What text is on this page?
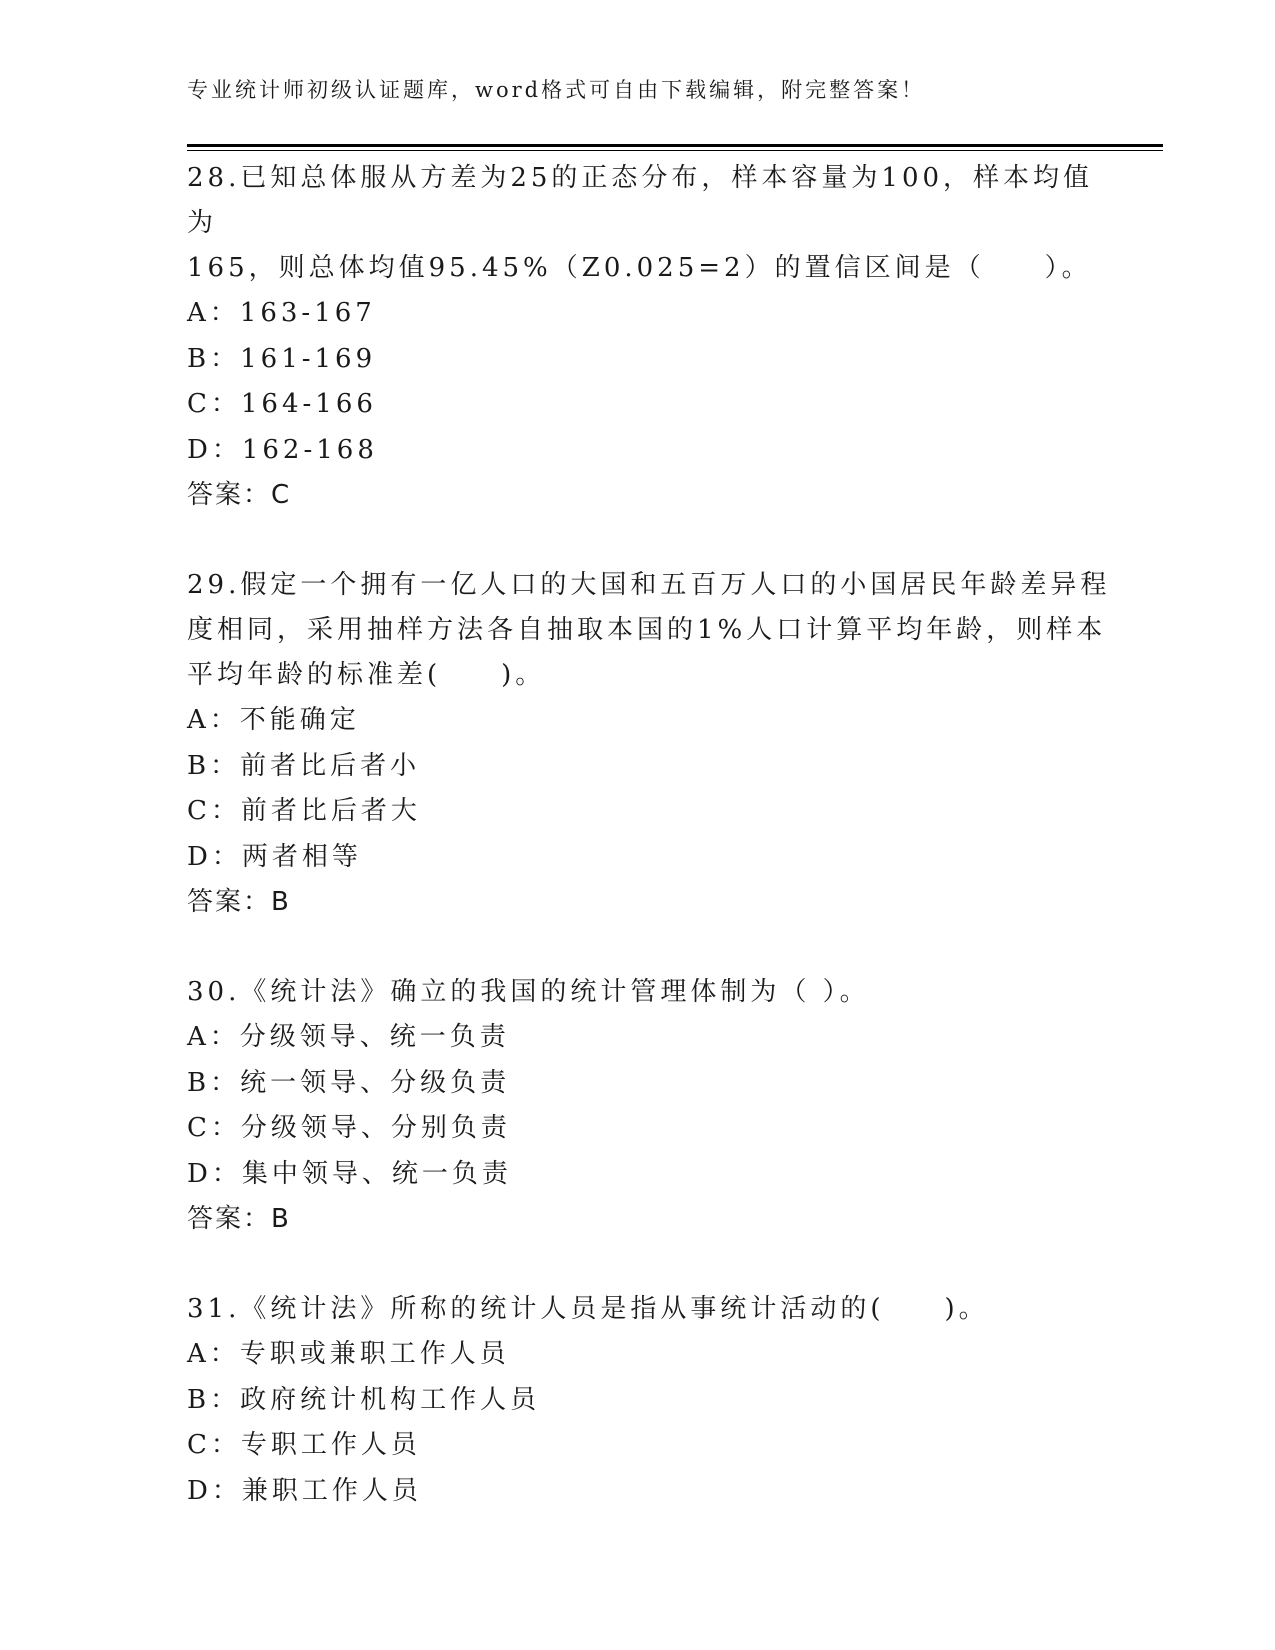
专业统计师初级认证题库，word格式可自由下载编辑，附完整答案！

28.已知总体服从方差为25的正态分布，样本容量为100，样本均值为

165，则总体均值95.45%（Z0.025=2）的置信区间是（　　）。

A：163-167

B：161-169

C：164-166

D：162-168

答案：C

29.假定一个拥有一亿人口的大国和五百万人口的小国居民年龄差异程

度相同，采用抽样方法各自抽取本国的1%人口计算平均年龄，则样本

平均年龄的标准差(　　)。

A：不能确定

B：前者比后者小

C：前者比后者大

D：两者相等

答案：B

30.《统计法》确立的我国的统计管理体制为（ ）。

A：分级领导、统一负责

B：统一领导、分级负责

C：分级领导、分别负责

D：集中领导、统一负责

答案：B

31.《统计法》所称的统计人员是指从事统计活动的(　　)。

A：专职或兼职工作人员

B：政府统计机构工作人员

C：专职工作人员

D：兼职工作人员
